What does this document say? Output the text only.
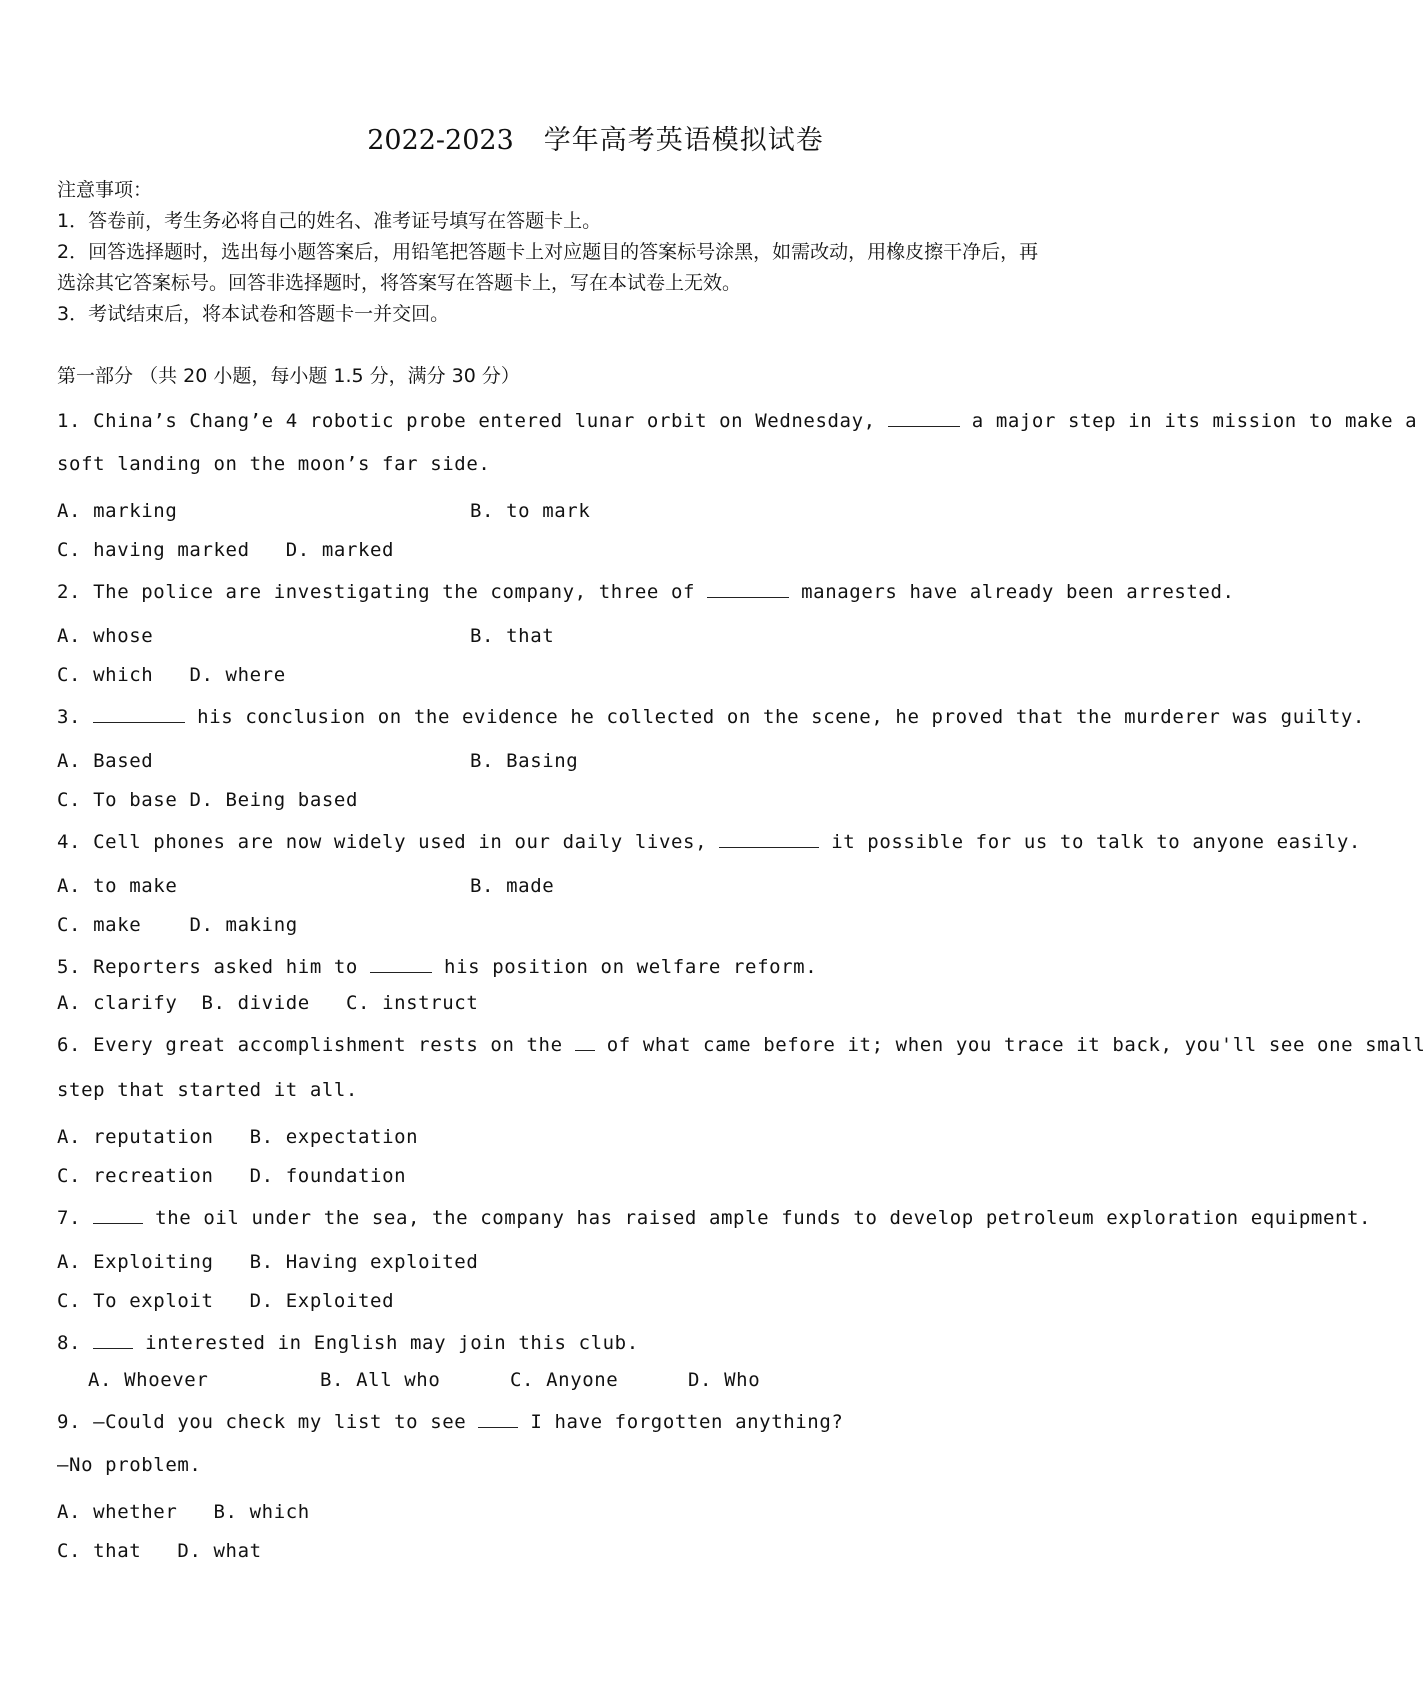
2022-2023 学年高考英语模拟试卷
注意事项：
1．答卷前，考生务必将自己的姓名、准考证号填写在答题卡上。
2．回答选择题时，选出每小题答案后，用铅笔把答题卡上对应题目的答案标号涂黑，如需改动，用橡皮擦干净后，再
选涂其它答案标号。回答非选择题时，将答案写在答题卡上，写在本试卷上无效。
3．考试结束后，将本试卷和答题卡一并交回。
第一部分 （共 20 小题，每小题 1.5 分，满分 30 分）
1. China’s Chang’e 4 robotic probe entered lunar orbit on Wednesday,	a major step in its mission to make a
soft landing on the moon’s far side.
A. marking	B. to mark
C. having marked D. marked
2. The police are investigating the company, three of	managers have already been arrested.
A. whose	B. that
C. which D. where
3.	his conclusion on the evidence he collected on the scene, he proved that the murderer was guilty.
A. Based	B. Basing
C. To base D. Being based
4. Cell phones are now widely used in our daily lives,	it possible for us to talk to anyone easily.
A. to make	B. made
C. make	D. making
5. Reporters asked him to	his position on welfare reform.
A. clarify B. divide C. instruct
6. Every great accomplishment rests on the  of what came before it; when you trace it back, you'll see one small
step that started it all.
A. reputation B. expectation
C. recreation D. foundation
7.	the oil under the sea, the company has raised ample funds to develop petroleum exploration equipment.
A. Exploiting B. Having exploited
C. To exploit D. Exploited
8.  interested in English may join this club.
A. Whoever	B. All who	C. Anyone	D. Who
9. —Could you check my list to see  I have forgotten anything?
—No problem.
A. whether B. which
C. that D. what
